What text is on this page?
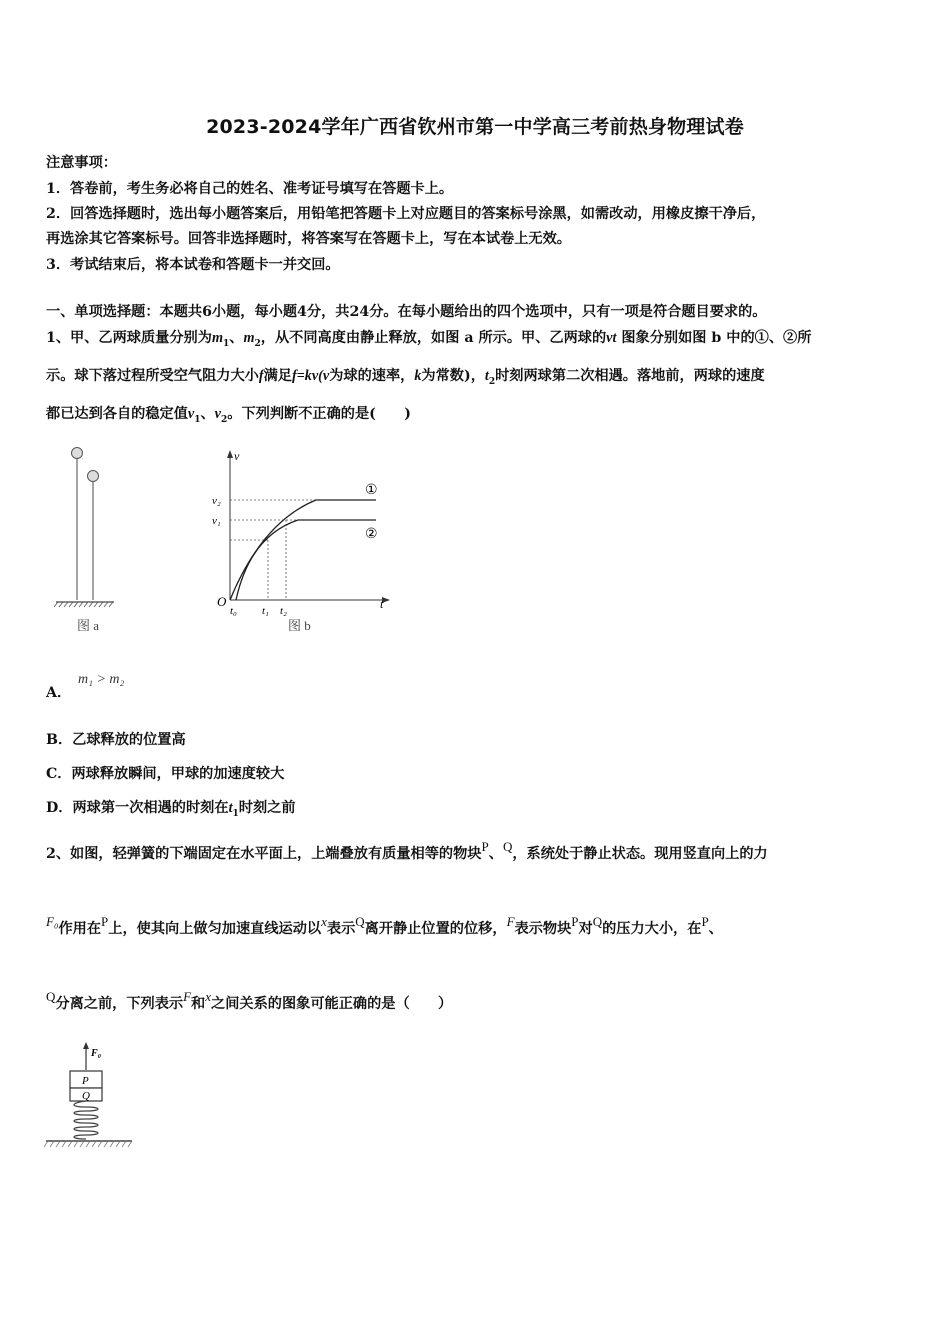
2023-2024学年广西省钦州市第一中学高三考前热身物理试卷
注意事项：
1．答卷前，考生务必将自己的姓名、准考证号填写在答题卡上。
2．回答选择题时，选出每小题答案后，用铅笔把答题卡上对应题目的答案标号涂黑，如需改动，用橡皮擦干净后，
再选涂其它答案标号。回答非选择题时，将答案写在答题卡上，写在本试卷上无效。
3．考试结束后，将本试卷和答题卡一并交回。
一、单项选择题：本题共6小题，每小题4分，共24分。在每小题给出的四个选项中，只有一项是符合题目要求的。
1、甲、乙两球质量分别为$m_1$、$m_2$，从不同高度由静止释放，如图 a 所示。甲、乙两球的vt 图象分别如图 b 中的①、②所
示。球下落过程所受空气阻力大小f满足f=kv(v为球的速率，k为常数)，$t_2$时刻两球第二次相遇。落地前，两球的速度
都已达到各自的稳定值$v_1$、$v_2$。下列判断不正确的是(　　)
图 a
v
t
O
v₂
v₁
t₀ t₁ t₂
①
②
图 b
A．
m₁ > m₂
B．乙球释放的位置高
C．两球释放瞬间，甲球的加速度较大
D．两球第一次相遇的时刻在$t_1$时刻之前
2、如图，轻弹簧的下端固定在水平面上，上端叠放有质量相等的物块P、Q，系统处于静止状态。现用竖直向上的力
F₀作用在P上，使其向上做匀加速直线运动以x表示Q离开静止位置的位移，F表示物块P对Q的压力大小，在P、
Q分离之前，下列表示F和x之间关系的图象可能正确的是（　　）
F₀
P
Q
